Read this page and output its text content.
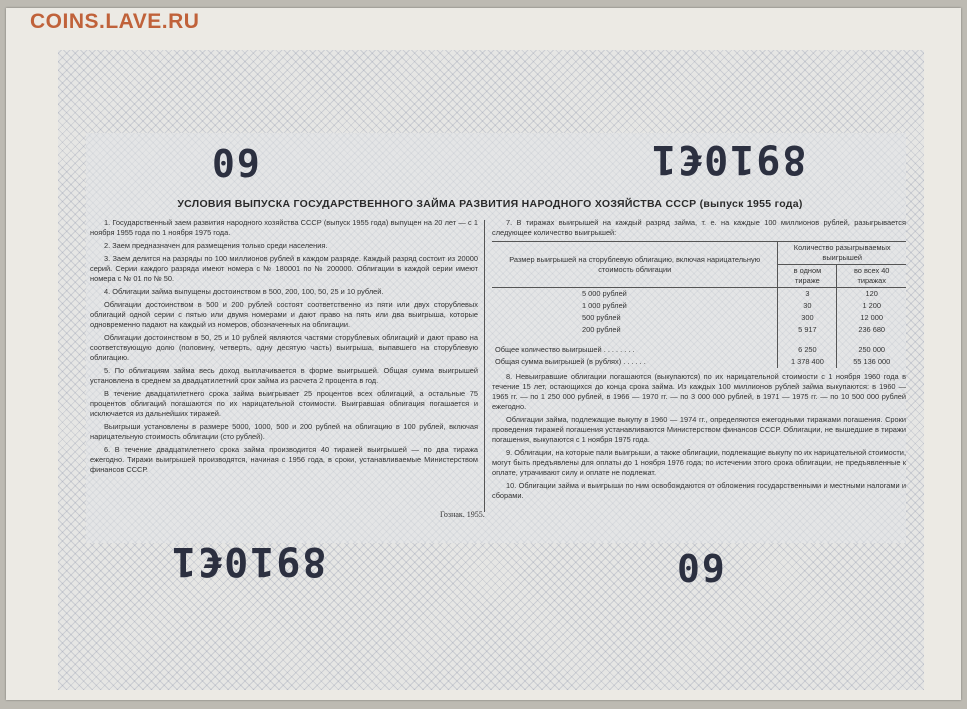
COINS.LAVE.RU
60	8910€1
8910€1	60
УСЛОВИЯ ВЫПУСКА ГОСУДАРСТВЕННОГО ЗАЙМА РАЗВИТИЯ НАРОДНОГО ХОЗЯЙСТВА СССР (выпуск 1955 года)

1. Государственный заем развития народного хозяйства СССР (выпуск 1955 года) выпущен на 20 лет — с 1 ноября 1955 года по 1 ноября 1975 года.

2. Заем предназначен для размещения только среди населения.

3. Заем делится на разряды по 100 миллионов рублей в каждом разряде. Каждый разряд состоит из 20000 серий. Серии каждого разряда имеют номера с № 180001 по № 200000. Облигации в каждой серии имеют номера с № 01 по № 50.

4. Облигации займа выпущены достоинством в 500, 200, 100, 50, 25 и 10 рублей.

Облигации достоинством в 500 и 200 рублей состоят соответственно из пяти или двух сторублевых облигаций одной серии с пятью или двумя номерами и дают право на пять или два выигрыша, которые одновременно падают на каждый из номеров, обозначенных на облигации.

Облигации достоинством в 50, 25 и 10 рублей являются частями сторублевых облигаций и дают право на соответствующую долю (половину, четверть, одну десятую часть) выигрыша, выпавшего на сторублевую облигацию.

5. По облигациям займа весь доход выплачивается в форме выигрышей. Общая сумма выигрышей установлена в среднем за двадцатилетний срок займа из расчета 2 процента в год.

В течение двадцатилетнего срока займа выигрывает 25 процентов всех облигаций, а остальные 75 процентов облигаций погашаются по их нарицательной стоимости. Выигравшая облигация погашается и исключается из дальнейших тиражей.

Выигрыши установлены в размере 5000, 1000, 500 и 200 рублей на облигацию в 100 рублей, включая нарицательную стоимость облигации (сто рублей).

6. В течение двадцатилетнего срока займа производится 40 тиражей выигрышей — по два тиража ежегодно. Тиражи выигрышей производятся, начиная с 1956 года, в сроки, устанавливаемые Министерством финансов СССР.

7. В тиражах выигрышей на каждый разряд займа, т. е. на каждые 100 миллионов рублей, разыгрывается следующее количество выигрышей:

Размер выигрышей на сторублевую облигацию, включая нарицательную стоимость облигации	Количество разыгрываемых выигрышей	
	в одном тираже	во всех 40 тиражах
5 000 рублей	3	120
1 000 рублей	30	1 200
500 рублей	300	12 000
200 рублей	5 917	236 680

Общее количество выигрышей . . . . . . . .	6 250	250 000
Общая сумма выигрышей (в рублях) . . . . . .	1 378 400	55 136 000

8. Невыигравшие облигации погашаются (выкупаются) по их нарицательной стоимости с 1 ноября 1960 года в течение 15 лет, остающихся до конца срока займа. Из каждых 100 миллионов рублей займа выкупаются: в 1960 — 1965 гг. — по 1 250 000 рублей, в 1966 — 1970 гг. — по 3 000 000 рублей, в 1971 — 1975 гг. — по 10 500 000 рублей ежегодно.

Облигации займа, подлежащие выкупу в 1960 — 1974 гг., определяются ежегодными тиражами погашения. Сроки проведения тиражей погашения устанавливаются Министерством финансов СССР. Облигации, не вышедшие в тиражи погашения, выкупаются с 1 ноября 1975 года.

9. Облигации, на которые пали выигрыши, а также облигации, подлежащие выкупу по их нарицательной стоимости, могут быть предъявлены для оплаты до 1 ноября 1976 года; по истечении этого срока облигации, не предъявленные к оплате, утрачивают силу и оплате не подлежат.

10. Облигации займа и выигрыши по ним освобождаются от обложения государственными и местными налогами и сборами.

Гознак. 1955.
